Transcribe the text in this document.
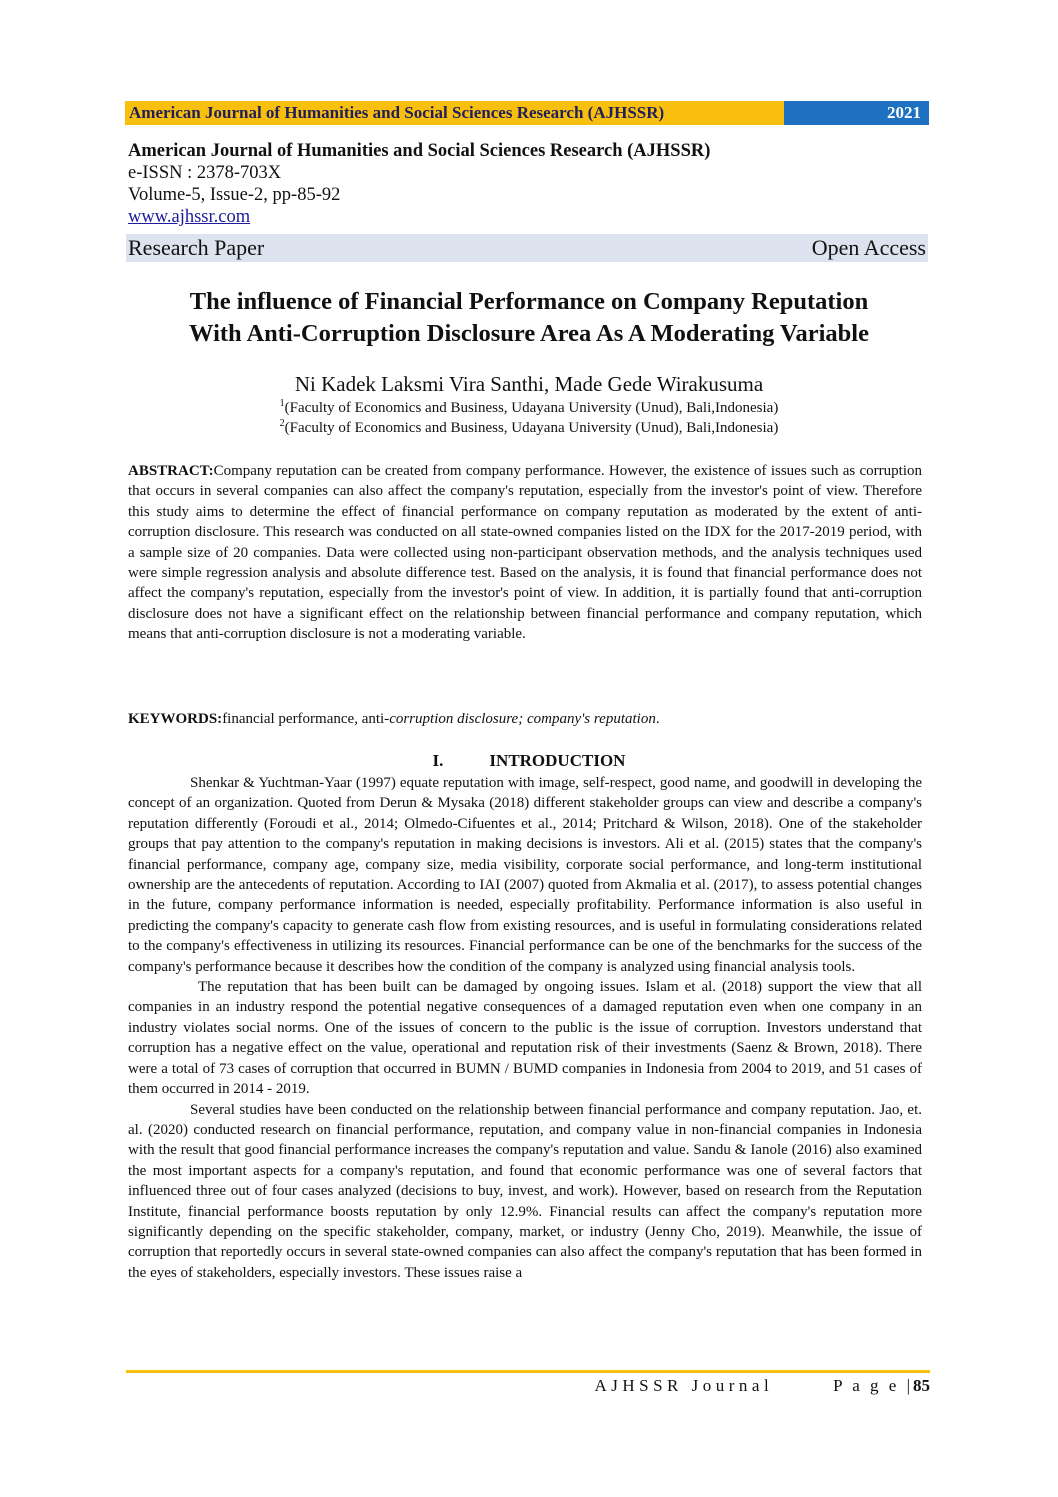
American Journal of Humanities and Social Sciences Research (AJHSSR)	2021
American Journal of Humanities and Social Sciences Research (AJHSSR)
e-ISSN : 2378-703X
Volume-5, Issue-2, pp-85-92
www.ajhssr.com
Research Paper	Open Access
The influence of Financial Performance on Company Reputation
With Anti-Corruption Disclosure Area As A Moderating Variable
Ni Kadek Laksmi Vira Santhi, Made Gede Wirakusuma
$^1$(Faculty of Economics and Business, Udayana University (Unud), Bali,Indonesia)
$^2$(Faculty of Economics and Business, Udayana University (Unud), Bali,Indonesia)
ABSTRACT:Company reputation can be created from company performance. However, the existence of issues such as corruption that occurs in several companies can also affect the company's reputation, especially from the investor's point of view. Therefore this study aims to determine the effect of financial performance on company reputation as moderated by the extent of anti-corruption disclosure. This research was conducted on all state-owned companies listed on the IDX for the 2017-2019 period, with a sample size of 20 companies. Data were collected using non-participant observation methods, and the analysis techniques used were simple regression analysis and absolute difference test. Based on the analysis, it is found that financial performance does not affect the company's reputation, especially from the investor's point of view. In addition, it is partially found that anti-corruption disclosure does not have a significant effect on the relationship between financial performance and company reputation, which means that anti-corruption disclosure is not a moderating variable.
KEYWORDS:financial performance, anti-corruption disclosure; company's reputation.
I.	INTRODUCTION

Shenkar & Yuchtman-Yaar (1997) equate reputation with image, self-respect, good name, and goodwill in developing the concept of an organization. Quoted from Derun & Mysaka (2018) different stakeholder groups can view and describe a company's reputation differently (Foroudi et al., 2014; Olmedo-Cifuentes et al., 2014; Pritchard & Wilson, 2018). One of the stakeholder groups that pay attention to the company's reputation in making decisions is investors. Ali et al. (2015) states that the company's financial performance, company age, company size, media visibility, corporate social performance, and long-term institutional ownership are the antecedents of reputation. According to IAI (2007) quoted from Akmalia et al. (2017), to assess potential changes in the future, company performance information is needed, especially profitability. Performance information is also useful in predicting the company's capacity to generate cash flow from existing resources, and is useful in formulating considerations related to the company's effectiveness in utilizing its resources. Financial performance can be one of the benchmarks for the success of the company's performance because it describes how the condition of the company is analyzed using financial analysis tools.

The reputation that has been built can be damaged by ongoing issues. Islam et al. (2018) support the view that all companies in an industry respond the potential negative consequences of a damaged reputation even when one company in an industry violates social norms. One of the issues of concern to the public is the issue of corruption. Investors understand that corruption has a negative effect on the value, operational and reputation risk of their investments (Saenz & Brown, 2018). There were a total of 73 cases of corruption that occurred in BUMN / BUMD companies in Indonesia from 2004 to 2019, and 51 cases of them occurred in 2014 - 2019.

Several studies have been conducted on the relationship between financial performance and company reputation. Jao, et. al. (2020) conducted research on financial performance, reputation, and company value in non-financial companies in Indonesia with the result that good financial performance increases the company's reputation and value. Sandu & Ianole (2016) also examined the most important aspects for a company's reputation, and found that economic performance was one of several factors that influenced three out of four cases analyzed (decisions to buy, invest, and work). However, based on research from the Reputation Institute, financial performance boosts reputation by only 12.9%. Financial results can affect the company's reputation more significantly depending on the specific stakeholder, company, market, or industry (Jenny Cho, 2019). Meanwhile, the issue of corruption that reportedly occurs in several state-owned companies can also affect the company's reputation that has been formed in the eyes of stakeholders, especially investors. These issues raise a

AJHSSR Journal	P a g e |85
